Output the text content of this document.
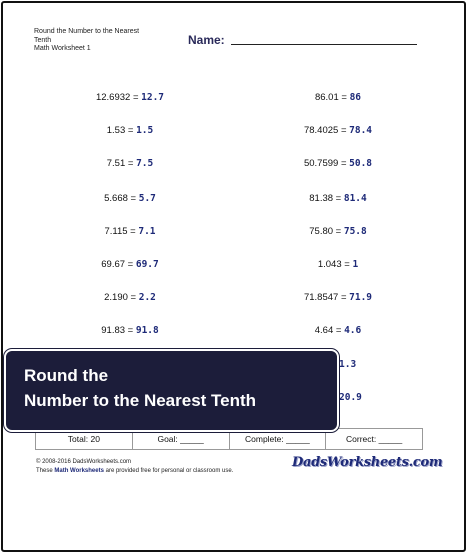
Round the Number to the Nearest Tenth
Math Worksheet 1
Name:
12.6932 = 12.7
1.53 = 1.5
7.51 = 7.5
5.668 = 5.7
7.115 = 7.1
69.67 = 69.7
2.190 = 2.2
91.83 = 91.8
86.01 = 86
78.4025 = 78.4
50.7599 = 50.8
81.38 = 81.4
75.80 = 75.8
1.043 = 1
71.8547 = 71.9
4.64 = 4.6
1.3
20.9
Total: 20	Goal: _____	Complete: _____	Correct: _____
© 2008-2016 DadsWorksheets.com
These Math Worksheets are provided free for personal or classroom use.
DadsWorksheets.com
Round the
Number to the Nearest Tenth
